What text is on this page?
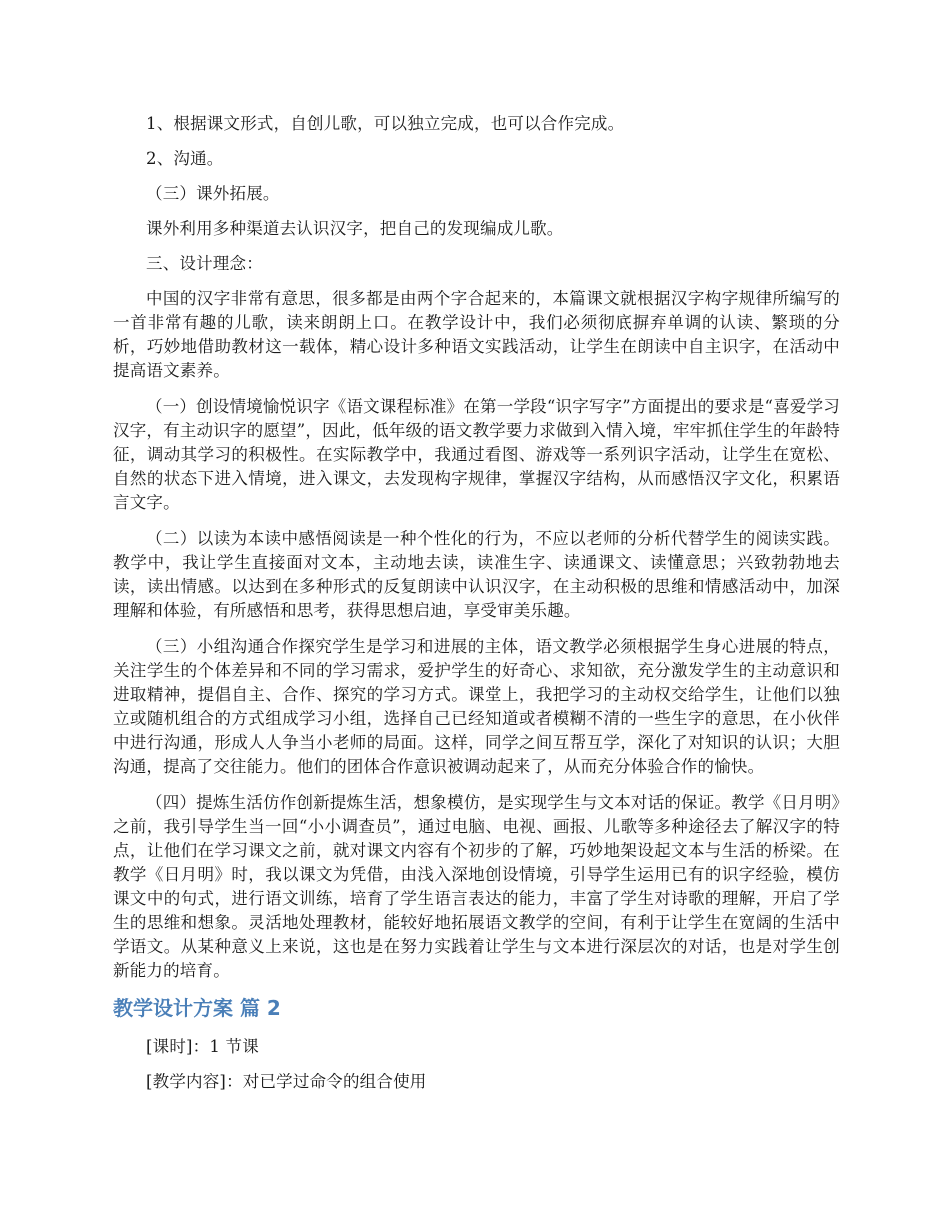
1、根据课文形式，自创儿歌，可以独立完成，也可以合作完成。

2、沟通。

（三）课外拓展。

课外利用多种渠道去认识汉字，把自己的发现编成儿歌。

三、设计理念：

中国的汉字非常有意思，很多都是由两个字合起来的，本篇课文就根据汉字构字规律所编写的一首非常有趣的儿歌，读来朗朗上口。在教学设计中，我们必须彻底摒弃单调的认读、繁琐的分析，巧妙地借助教材这一载体，精心设计多种语文实践活动，让学生在朗读中自主识字，在活动中提高语文素养。

（一）创设情境愉悦识字《语文课程标准》在第一学段“识字写字”方面提出的要求是“喜爱学习汉字，有主动识字的愿望”，因此，低年级的语文教学要力求做到入情入境，牢牢抓住学生的年龄特征，调动其学习的积极性。在实际教学中，我通过看图、游戏等一系列识字活动，让学生在宽松、自然的状态下进入情境，进入课文，去发现构字规律，掌握汉字结构，从而感悟汉字文化，积累语言文字。

（二）以读为本读中感悟阅读是一种个性化的行为，不应以老师的分析代替学生的阅读实践。教学中，我让学生直接面对文本，主动地去读，读准生字、读通课文、读懂意思；兴致勃勃地去读，读出情感。以达到在多种形式的反复朗读中认识汉字，在主动积极的思维和情感活动中，加深理解和体验，有所感悟和思考，获得思想启迪，享受审美乐趣。

（三）小组沟通合作探究学生是学习和进展的主体，语文教学必须根据学生身心进展的特点，关注学生的个体差异和不同的学习需求，爱护学生的好奇心、求知欲，充分激发学生的主动意识和进取精神，提倡自主、合作、探究的学习方式。课堂上，我把学习的主动权交给学生，让他们以独立或随机组合的方式组成学习小组，选择自己已经知道或者模糊不清的一些生字的意思，在小伙伴中进行沟通，形成人人争当小老师的局面。这样，同学之间互帮互学，深化了对知识的认识；大胆沟通，提高了交往能力。他们的团体合作意识被调动起来了，从而充分体验合作的愉快。

（四）提炼生活仿作创新提炼生活，想象模仿，是实现学生与文本对话的保证。教学《日月明》之前，我引导学生当一回“小小调查员”，通过电脑、电视、画报、儿歌等多种途径去了解汉字的特点，让他们在学习课文之前，就对课文内容有个初步的了解，巧妙地架设起文本与生活的桥梁。在教学《日月明》时，我以课文为凭借，由浅入深地创设情境，引导学生运用已有的识字经验，模仿课文中的句式，进行语文训练，培育了学生语言表达的能力，丰富了学生对诗歌的理解，开启了学生的思维和想象。灵活地处理教材，能较好地拓展语文教学的空间，有利于让学生在宽阔的生活中学语文。从某种意义上来说，这也是在努力实践着让学生与文本进行深层次的对话，也是对学生创新能力的培育。

教学设计方案 篇 2

[课时]：1 节课

[教学内容]：对已学过命令的组合使用
